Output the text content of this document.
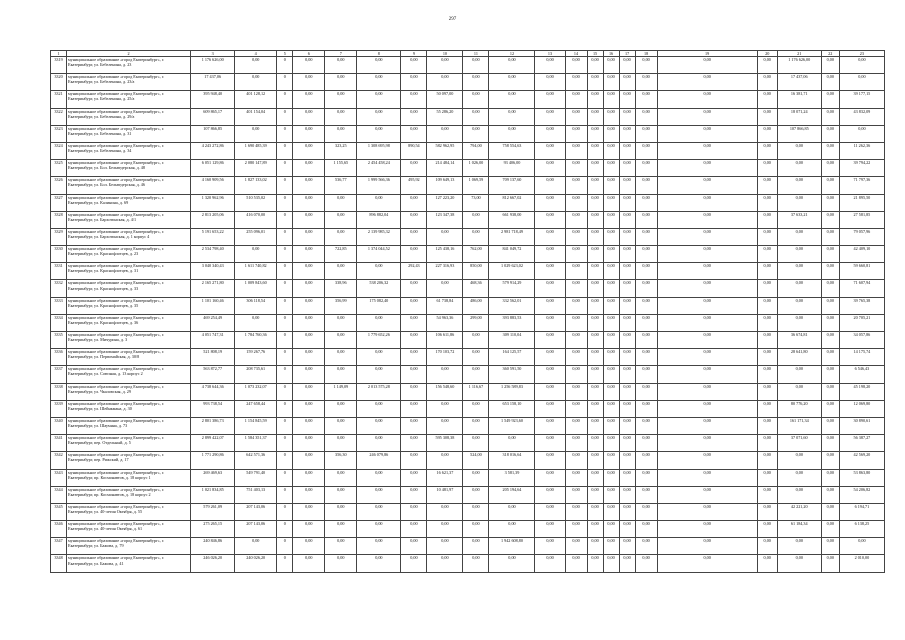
297
1	2	3	4	5	6	7	8	9	10	11	12	13	14	15	16	17	18	19	20	21	22	23
3319	муниципальное образование «город Екатеринбург», г. Екатеринбург, ул. Бебеленина, д. 23	1 176 626,00	0,00	0	0,00	0,00	0,00	0,00	0,00	0,00	0,00	0,00	0,00	0,00	0,00	0,00	0,00	0,00	0,00	1 176 626,00	0,00	0,00
3320	муниципальное образование «город Екатеринбург», г. Екатеринбург, ул. Бебеленина, д. 23/a	17 437,06	0,00	0	0,00	0,00	0,00	0,00	0,00	0,00	0,00	0,00	0,00	0,00	0,00	0,00	0,00	0,00	0,00	17 437,06	0,00	0,00
3321	муниципальное образование «город Екатеринбург», г. Екатеринбург, ул. Бебеленина, д. 25/a	395 948,40	401 128,12	0	0,00	0,00	0,00	0,00	50 097,00	0,00	0,00	0,00	0,00	0,00	0,00	0,00	0,00	0,00	0,00	16 381,71	0,00	39 177,15
3322	муниципальное образование «город Екатеринбург», г. Екатеринбург, ул. Бебеленина, д. 29/a	609 865,17	401 154,04	0	0,00	0,00	0,00	0,00	55 286,20	0,00	0,00	0,00	0,00	0,00	0,00	0,00	0,00	0,00	0,00	18 071,24	0,00	43 832,09
3323	муниципальное образование «город Екатеринбург», г. Екатеринбург, ул. Бебеленина, д. 31	107 866,85	0,00	0	0,00	0,00	0,00	0,00	0,00	0,00	0,00	0,00	0,00	0,00	0,00	0,00	0,00	0,00	0,00	107 866,85	0,00	0,00
3324	муниципальное образование «город Екатеринбург», г. Екатеринбург, ул. Бебеленина, д. 34	4 243 272,86	1 690 485,39	0	0,00	323,25	1 308 695,98	890,54	582 962,95	794,00	758 554,63	0,00	0,00	0,00	0,00	0,00	0,00	0,00	0,00	0,00	0,00	11 262,36
3325	муниципальное образование «город Екатеринбург», г. Екатеринбург, ул. Бол. Бельведерская, д. 48	6 051 129,86	2 080 147,89	0	0,00	1 155,65	2 454 458,24	0,00	214 484,14	1 026,00	93 406,00	0,00	0,00	0,00	0,00	0,00	0,00	0,00	0,00	0,00	0,00	39 794,22
3326	муниципальное образование «город Екатеринбург», г. Екатеринбург, ул. Бол. Бельведерская, д. 46	4 160 909,56	1 827 133,02	0	0,00	536,77	1 999 566,36	495,92	109 649,13	1 069,59	709 137,60	0,00	0,00	0,00	0,00	0,00	0,00	0,00	0,00	0,00	0,00	71 797,36
3327	муниципальное образование «город Екатеринбург», г. Екатеринбург, ул. Калинина, д. 69	1 320 962,96	510 535,02	0	0,00	0,00	0,00	0,00	127 223,20	73,00	812 667,02	0,00	0,00	0,00	0,00	0,00	0,00	0,00	0,00	0,00	0,00	21 895,50
3328	муниципальное образование «город Екатеринбург», г. Екатеринбург, ул. Бархотинская, д. 4/1	2 813 205,06	416 070,00	0	0,00	0,00	896 882,04	0,00	123 347,38	0,00	661 938,00	0,00	0,00	0,00	0,00	0,00	0,00	0,00	0,00	37 633,21	0,00	27 581,85
3329	муниципальное образование «город Екатеринбург», г. Екатеринбург, ул. Бархотинская, д. 1 корпус 4	5 191 653,22	255 096,01	0	0,00	0,00	2 139 985,32	0,00	0,00	0,00	2 981 718,49	0,00	0,00	0,00	0,00	0,00	0,00	0,00	0,00	0,00	0,00	79 057,96
3330	муниципальное образование «город Екатеринбург», г. Екатеринбург, ул. Краснофлотцев, д. 23	2 534 798,40	0,00	0	0,00	722,85	1 374 044,52	0,00	125 438,16	762,00	841 049,72	0,00	0,00	0,00	0,00	0,00	0,00	0,00	0,00	0,00	0,00	42 409,10
3331	муниципальное образование «город Екатеринбург», г. Екатеринбург, ул. Краснофлотцев, д. 31	3 040 340,43	1 611 740,82	0	0,00	0,00	0,00	292,43	227 316,93	850,00	1 029 623,02	0,00	0,00	0,00	0,00	0,00	0,00	0,00	0,00	0,00	0,00	59 660,81
3332	муниципальное образование «город Екатеринбург», г. Екатеринбург, ул. Краснофлотцев, д. 33	2 165 271,80	1 009 843,60	0	0,00	338,96	538 206,32	0,00	0,00	468,36	579 914,29	0,00	0,00	0,00	0,00	0,00	0,00	0,00	0,00	0,00	0,00	71 607,94
3333	муниципальное образование «город Екатеринбург», г. Екатеринбург, ул. Краснофлотцев, д. 35	1 101 160,46	306 118,54	0	0,00	356,99	175 082,40	0,00	61 738,84	486,00	332 562,01	0,00	0,00	0,00	0,00	0,00	0,00	0,00	0,00	0,00	0,00	39 765,38
3334	муниципальное образование «город Екатеринбург», г. Екатеринбург, ул. Краснофлотцев, д. 36	469 254,49	0,00	0	0,00	0,00	0,00	0,00	54 963,36	299,00	393 883,53	0,00	0,00	0,00	0,00	0,00	0,00	0,00	0,00	0,00	0,00	20 705,21
3335	муниципальное образование «город Екатеринбург», г. Екатеринбург, ул. Мичурина, д. 3	4 051 747,31	1 784 760,36	0	0,00	0,00	1 779 652,26	0,00	106 611,86	0,00	309 110,04	0,00	0,00	0,00	0,00	0,00	0,00	0,00	0,00	36 674,81	0,00	34 057,86
3336	муниципальное образование «город Екатеринбург», г. Екатеринбург, ул. Первомайская, д. 30/8	521 808,19	159 267,76	0	0,00	0,00	0,00	0,00	170 103,72	0,00	164 125,57	0,00	0,00	0,00	0,00	0,00	0,00	0,00	0,00	28 641,80	0,00	14 175,74
3337	муниципальное образование «город Екатеринбург», г. Екатеринбург, ул. Союзная, д. 13 корпус 2	563 872,77	208 735,61	0	0,00	0,00	0,00	0,00	0,00	0,00	360 591,50	0,00	0,00	0,00	0,00	0,00	0,00	0,00	0,00	0,00	0,00	6 546,43
3338	муниципальное образование «город Екатеринбург», г. Екатеринбург, ул. Чкаловская, д. 29	4 738 644,36	1 073 232,07	0	0,00	1 149,09	2 013 575,28	0,00	156 548,60	1 116,67	1 256 589,83	0,00	0,00	0,00	0,00	0,00	0,00	0,00	0,00	0,00	0,00	45 198,20
3339	муниципальное образование «город Екатеринбург», г. Екатеринбург, ул. Шейнкмана, д. 30	993 738,54	247 658,44	0	0,00	0,00	0,00	0,00	0,00	0,00	653 158,10	0,00	0,00	0,00	0,00	0,00	0,00	0,00	0,00	80 776,20	0,00	12 069,80
3340	муниципальное образование «город Екатеринбург», г. Екатеринбург, ул. Шаумяна, д. 73	2 801 386,73	1 154 845,59	0	0,00	0,00	0,00	0,00	0,00	0,00	1 549 923,60	0,00	0,00	0,00	0,00	0,00	0,00	0,00	0,00	161 171,34	0,00	30 890,61
3341	муниципальное образование «город Екатеринбург», г. Екатеринбург, пер. Отдельный, д. 5	2 899 422,07	1 584 351,37	0	0,00	0,00	0,00	0,00	595 308,38	0,00	0,00	0,00	0,00	0,00	0,00	0,00	0,00	0,00	0,00	37 071,60	0,00	56 387,27
3342	муниципальное образование «город Екатеринбург», г. Екатеринбург, пер. Рижский, д. 17	1 771 290,86	642 571,36	0	0,00	356,30	246 079,86	0,00	0,00	524,00	318 016,64	0,00	0,00	0,00	0,00	0,00	0,00	0,00	0,00	0,00	0,00	42 569,20
3343	муниципальное образование «город Екатеринбург», г. Екатеринбург, пр. Космонавтов, д. 18 корпус 1	269 469,63	549 791,40	0	0,00	0,00	0,00	0,00	16 621,37	0,00	3 581,39	0,00	0,00	0,00	0,00	0,00	0,00	0,00	0,00	0,00	0,00	53 863,80
3344	муниципальное образование «город Екатеринбург», г. Екатеринбург, пр. Космонавтов, д. 18 корпус 2	1 021 834,85	751 403,13	0	0,00	0,00	0,00	0,00	10 481,97	0,00	205 194,64	0,00	0,00	0,00	0,00	0,00	0,00	0,00	0,00	0,00	0,00	54 206,82
3345	муниципальное образование «город Екатеринбург», г. Екатеринбург, ул. 40-летия Октября, д. 55	579 261,09	207 143,06	0	0,00	0,00	0,00	0,00	0,00	0,00	0,00	0,00	0,00	0,00	0,00	0,00	0,00	0,00	0,00	42 221,20	0,00	6 194,71
3346	муниципальное образование «город Екатеринбург», г. Екатеринбург, ул. 40-летия Октября, д. 61	275 265,15	207 143,06	0	0,00	0,00	0,00	0,00	0,00	0,00	0,00	0,00	0,00	0,00	0,00	0,00	0,00	0,00	0,00	61 184,34	0,00	6 138,25
3347	муниципальное образование «город Екатеринбург», г. Екатеринбург, ул. Бажова, д. 79	240 846,86	0,00	0	0,00	0,00	0,00	0,00	0,00	0,00	1 942 608,80	0,00	0,00	0,00	0,00	0,00	0,00	0,00	0,00	0,00	0,00	0,00
3348	муниципальное образование «город Екатеринбург», г. Екатеринбург, ул. Бажова, д. 41	246 026,20	240 026,20	0	0,00	0,00	0,00	0,00	0,00	0,00	0,00	0,00	0,00	0,00	0,00	0,00	0,00	0,00	0,00	0,00	0,00	2 010,00
